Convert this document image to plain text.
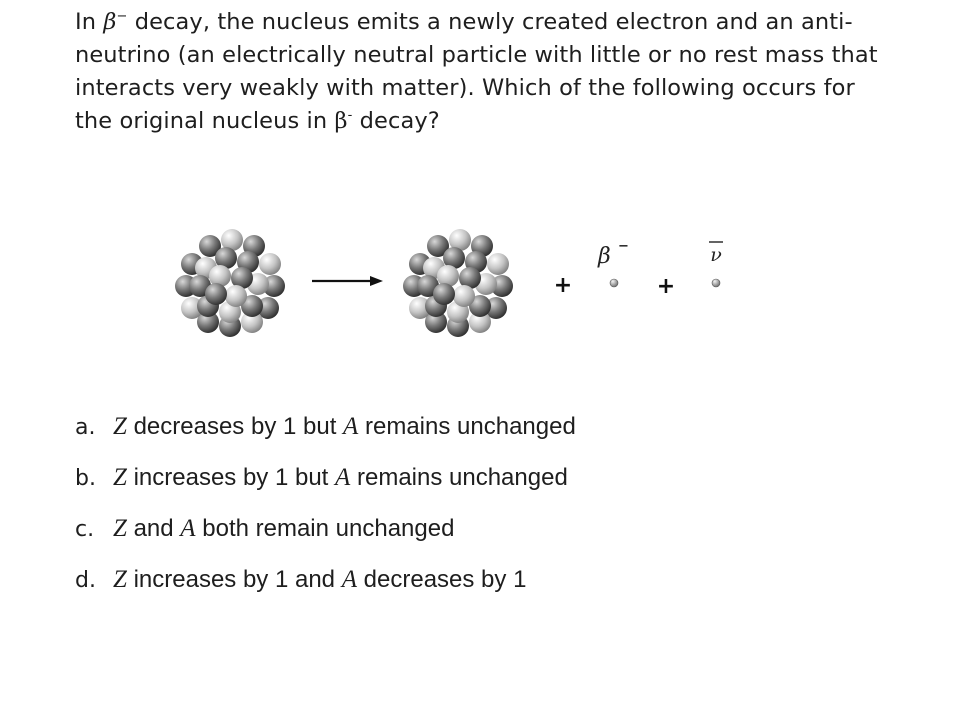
In β− decay, the nucleus emits a newly created electron and an anti-
neutrino (an electrically neutral particle with little or no rest mass that
interacts very weakly with matter). Which of the following occurs for
the original nucleus in β- decay?

+
β −
+
ν
a. Z decreases by 1 but A remains unchanged
b. Z increases by 1 but A remains unchanged
c. Z and A both remain unchanged
d. Z increases by 1 and A decreases by 1
